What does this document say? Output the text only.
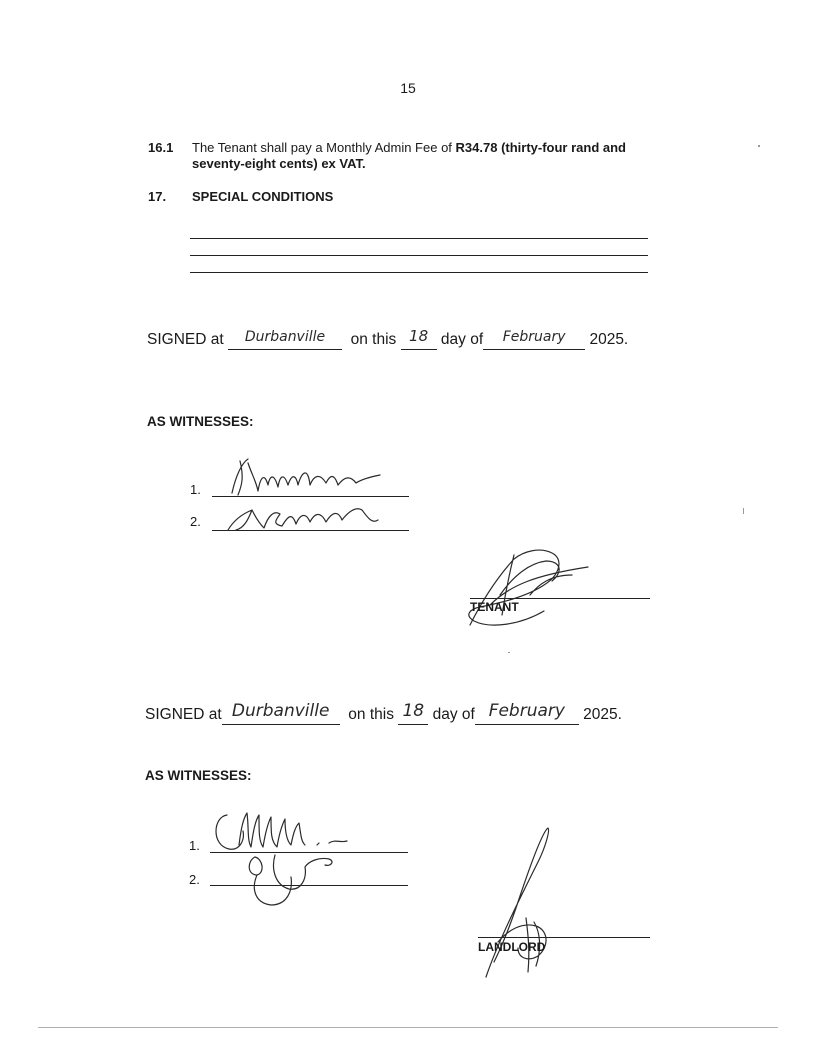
15
16.1 The Tenant shall pay a Monthly Admin Fee of R34.78 (thirty-four rand and seventy-eight cents) ex VAT.
17. SPECIAL CONDITIONS
SIGNED at Durbanville on this 18 day of February 2025.
AS WITNESSES:
1.
2.
TENANT
SIGNED at Durbanville on this 18 day of February 2025.
AS WITNESSES:
1.
2.
LANDLORD
